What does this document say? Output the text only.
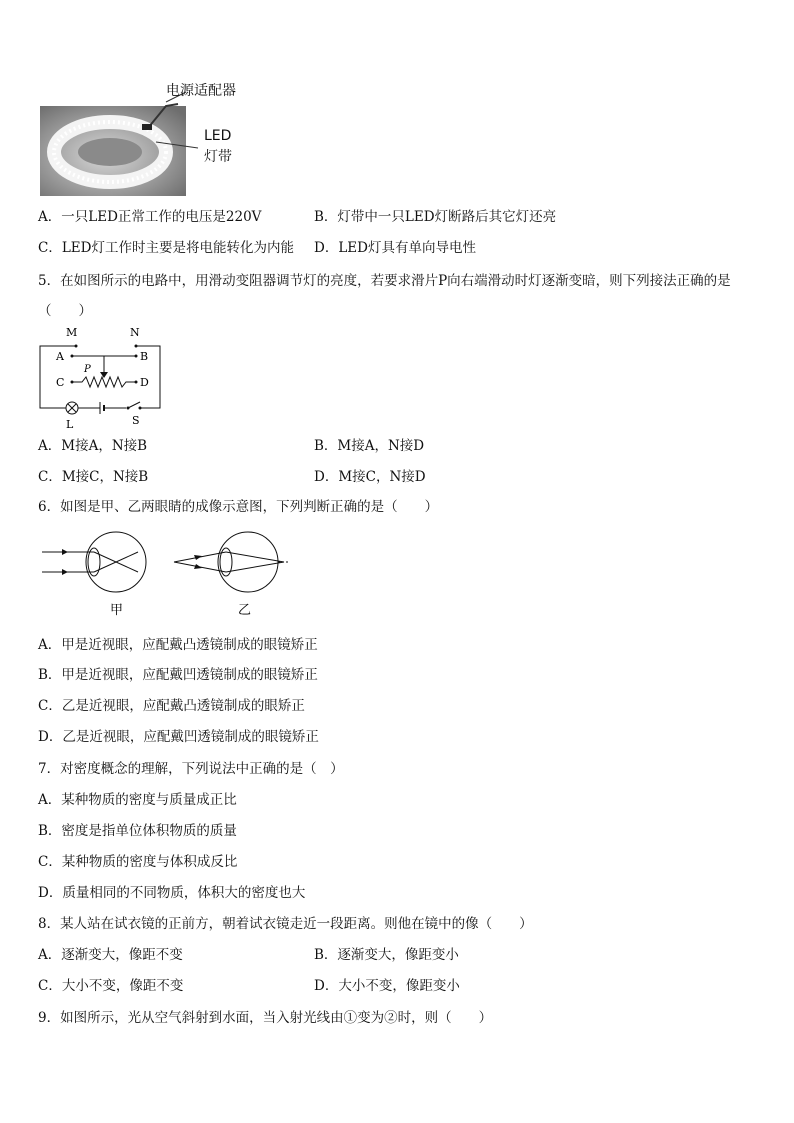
电源适配器
LED
灯带
A．一只LED正常工作的电压是220V	B．灯带中一只LED灯断路后其它灯还亮
C．LED灯工作时主要是将电能转化为内能 D．LED灯具有单向导电性
5．在如图所示的电路中，用滑动变阻器调节灯的亮度，若要求滑片P向右端滑动时灯逐渐变暗，则下列接法正确的是
（　　）
M	N
A	B
C	D
P
L	S
A．M接A，N接B	B．M接A，N接D
C．M接C，N接B	D．M接C，N接D
6．如图是甲、乙两眼睛的成像示意图，下列判断正确的是（　　）
甲	乙
A．甲是近视眼，应配戴凸透镜制成的眼镜矫正
B．甲是近视眼，应配戴凹透镜制成的眼镜矫正
C．乙是近视眼，应配戴凸透镜制成的眼矫正
D．乙是近视眼，应配戴凹透镜制成的眼镜矫正
7．对密度概念的理解，下列说法中正确的是（　）
A．某种物质的密度与质量成正比
B．密度是指单位体积物质的质量
C．某种物质的密度与体积成反比
D．质量相同的不同物质，体积大的密度也大
8．某人站在试衣镜的正前方，朝着试衣镜走近一段距离。则他在镜中的像（　　）
A．逐渐变大，像距不变	B．逐渐变大，像距变小
C．大小不变，像距不变	D．大小不变，像距变小
9．如图所示，光从空气斜射到水面，当入射光线由①变为②时，则（　　）
